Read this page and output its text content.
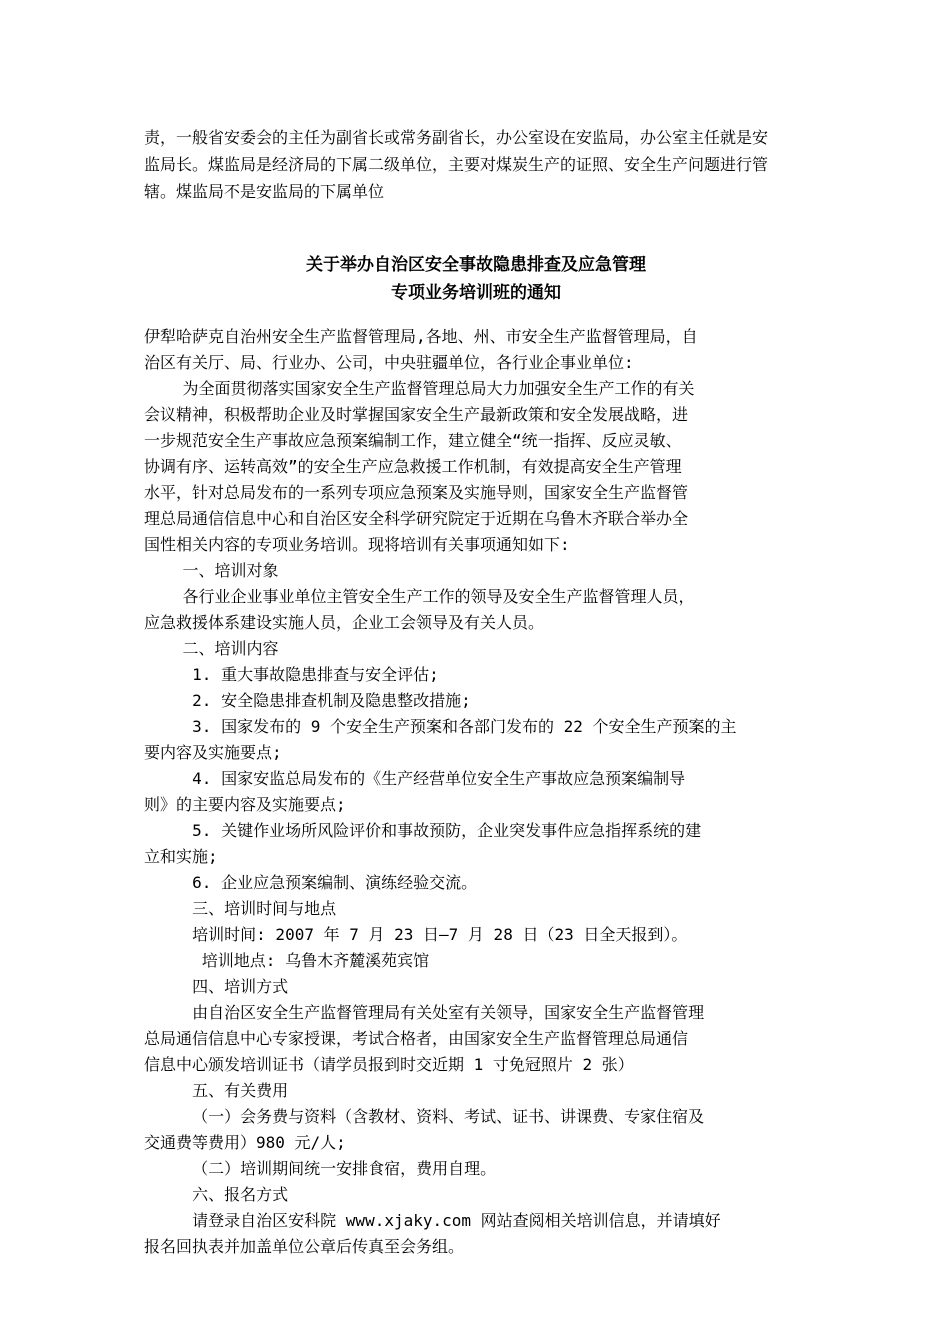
责，一般省安委会的主任为副省长或常务副省长，办公室设在安监局，办公室主任就是安

监局长。煤监局是经济局的下属二级单位，主要对煤炭生产的证照、安全生产问题进行管

辖。煤监局不是安监局的下属单位

关于举办自治区安全事故隐患排查及应急管理

专项业务培训班的通知

伊犁哈萨克自治州安全生产监督管理局,各地、州、市安全生产监督管理局，自

治区有关厅、局、行业办、公司，中央驻疆单位，各行业企事业单位:

为全面贯彻落实国家安全生产监督管理总局大力加强安全生产工作的有关

会议精神，积极帮助企业及时掌握国家安全生产最新政策和安全发展战略，进

一步规范安全生产事故应急预案编制工作，建立健全“统一指挥、反应灵敏、

协调有序、运转高效”的安全生产应急救援工作机制，有效提高安全生产管理

水平，针对总局发布的一系列专项应急预案及实施导则，国家安全生产监督管

理总局通信信息中心和自治区安全科学研究院定于近期在乌鲁木齐联合举办全

国性相关内容的专项业务培训。现将培训有关事项通知如下:

一、培训对象

各行业企业事业单位主管安全生产工作的领导及安全生产监督管理人员，

应急救援体系建设实施人员，企业工会领导及有关人员。

二、培训内容

1. 重大事故隐患排查与安全评估;

2. 安全隐患排查机制及隐患整改措施;

3. 国家发布的 9 个安全生产预案和各部门发布的 22 个安全生产预案的主

要内容及实施要点;

4. 国家安监总局发布的《生产经营单位安全生产事故应急预案编制导

则》的主要内容及实施要点;

5. 关键作业场所风险评价和事故预防，企业突发事件应急指挥系统的建

立和实施;

6. 企业应急预案编制、演练经验交流。

三、培训时间与地点

培训时间: 2007 年 7 月 23 日—7 月 28 日（23 日全天报到）。

培训地点: 乌鲁木齐麓溪苑宾馆

四、培训方式

由自治区安全生产监督管理局有关处室有关领导，国家安全生产监督管理

总局通信信息中心专家授课，考试合格者，由国家安全生产监督管理总局通信

信息中心颁发培训证书（请学员报到时交近期 1 寸免冠照片 2 张）

五、有关费用

（一）会务费与资料（含教材、资料、考试、证书、讲课费、专家住宿及

交通费等费用）980 元/人;

（二）培训期间统一安排食宿，费用自理。

六、报名方式

请登录自治区安科院 www.xjaky.com 网站查阅相关培训信息，并请填好

报名回执表并加盖单位公章后传真至会务组。
